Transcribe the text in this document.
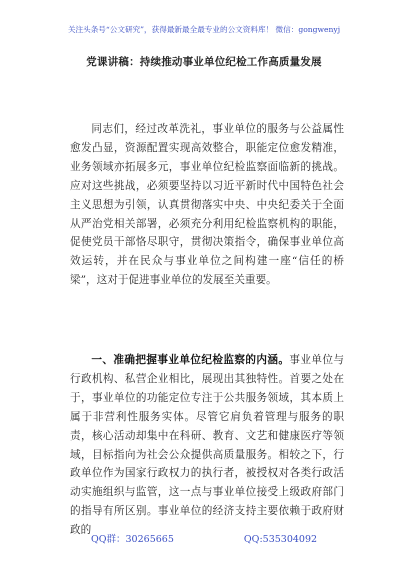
关注头条号“公文研究”，获得最新最全最专业的公文资料库！ 微信：gongwenyj
党课讲稿：持续推动事业单位纪检工作高质量发展

同志们，经过改革洗礼，事业单位的服务与公益属性愈发凸显，资源配置实现高效整合，职能定位愈发精准，业务领域亦拓展多元，事业单位纪检监察面临新的挑战。应对这些挑战，必须要坚持以习近平新时代中国特色社会主义思想为引领，认真贯彻落实中央、中央纪委关于全面从严治党相关部署，必须充分利用纪检监察机构的职能，促使党员干部恪尽职守，贯彻决策指令，确保事业单位高效运转，并在民众与事业单位之间构建一座“信任的桥梁”，这对于促进事业单位的发展至关重要。

一、准确把握事业单位纪检监察的内涵。事业单位与行政机构、私营企业相比，展现出其独特性。首要之处在于，事业单位的功能定位专注于公共服务领域，其本质上属于非营利性服务实体。尽管它肩负着管理与服务的职责，核心活动却集中在科研、教育、文艺和健康医疗等领域，目标指向为社会公众提供高质量服务。相较之下，行政单位作为国家行政权力的执行者，被授权对各类行政活动实施组织与监管，这一点与事业单位接受上级政府部门的指导有所区别。事业单位的经济支持主要依赖于政府财政的

QQ群：30265665	QQ:535304092
